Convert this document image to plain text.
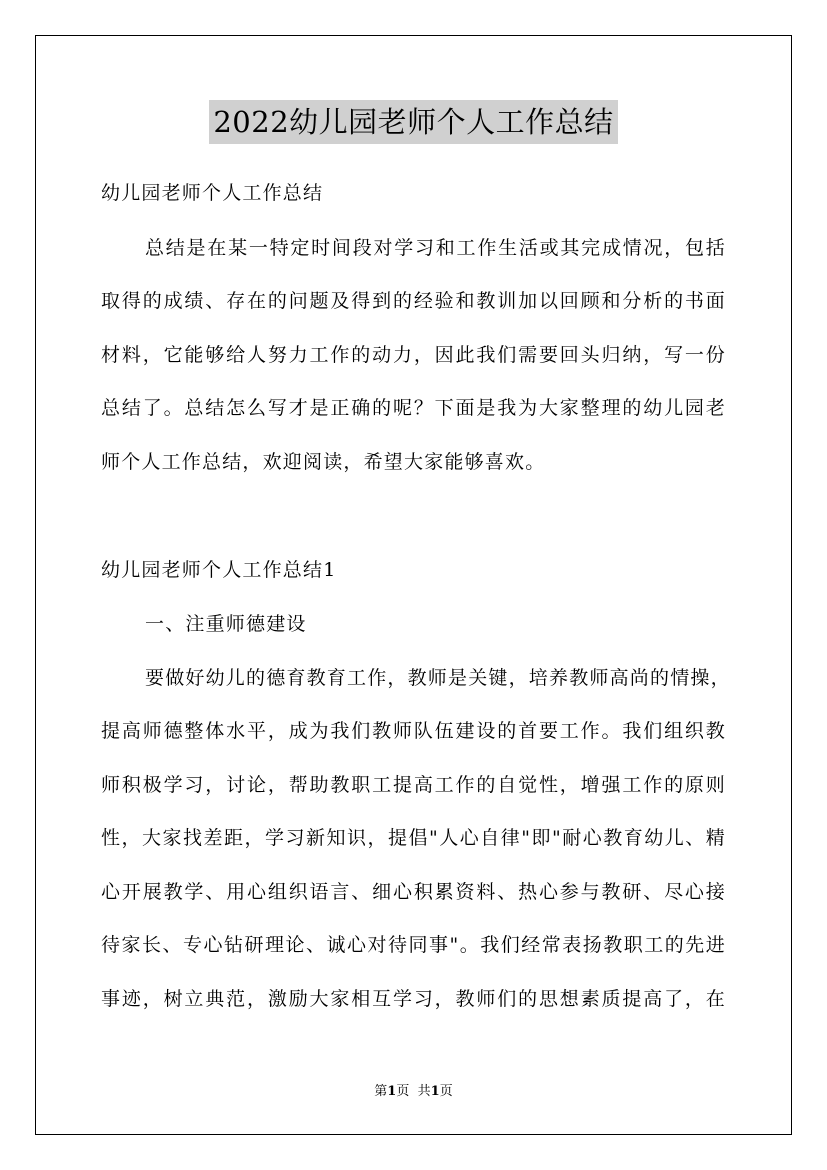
2022幼儿园老师个人工作总结
幼儿园老师个人工作总结
总结是在某一特定时间段对学习和工作生活或其完成情况，包括
取得的成绩、存在的问题及得到的经验和教训加以回顾和分析的书面
材料，它能够给人努力工作的动力，因此我们需要回头归纳，写一份
总结了。总结怎么写才是正确的呢？下面是我为大家整理的幼儿园老
师个人工作总结，欢迎阅读，希望大家能够喜欢。
幼儿园老师个人工作总结1
一、注重师德建设
要做好幼儿的德育教育工作，教师是关键，培养教师高尚的情操，
提高师德整体水平，成为我们教师队伍建设的首要工作。我们组织教
师积极学习，讨论，帮助教职工提高工作的自觉性，增强工作的原则
性，大家找差距，学习新知识，提倡"人心自律"即"耐心教育幼儿、精
心开展教学、用心组织语言、细心积累资料、热心参与教研、尽心接
待家长、专心钻研理论、诚心对待同事"。我们经常表扬教职工的先进
事迹，树立典范，激励大家相互学习，教师们的思想素质提高了，在
第1页 共1页
